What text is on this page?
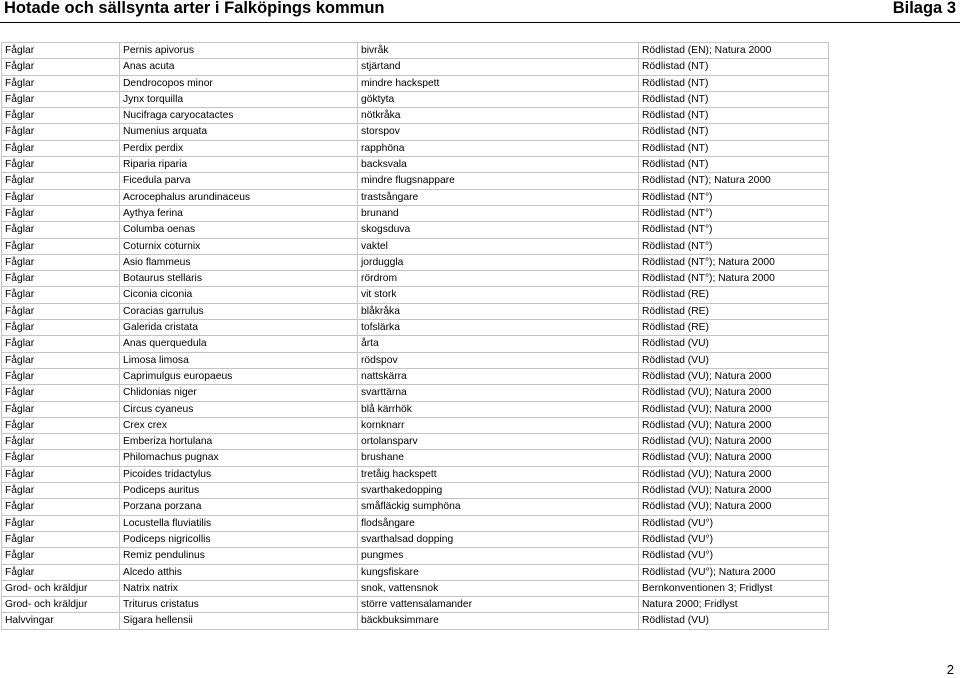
Hotade och sällsynta arter i Falköpings kommun	Bilaga 3
Fåglar	Pernis apivorus	bivråk	Rödlistad (EN); Natura 2000
Fåglar	Anas acuta	stjärtand	Rödlistad (NT)
Fåglar	Dendrocopos minor	mindre hackspett	Rödlistad (NT)
Fåglar	Jynx torquilla	göktyta	Rödlistad (NT)
Fåglar	Nucifraga caryocatactes	nötkråka	Rödlistad (NT)
Fåglar	Numenius arquata	storspov	Rödlistad (NT)
Fåglar	Perdix perdix	rapphöna	Rödlistad (NT)
Fåglar	Riparia riparia	backsvala	Rödlistad (NT)
Fåglar	Ficedula parva	mindre flugsnappare	Rödlistad (NT); Natura 2000
Fåglar	Acrocephalus arundinaceus	trastsångare	Rödlistad (NT°)
Fåglar	Aythya ferina	brunand	Rödlistad (NT°)
Fåglar	Columba oenas	skogsduva	Rödlistad (NT°)
Fåglar	Coturnix coturnix	vaktel	Rödlistad (NT°)
Fåglar	Asio flammeus	jorduggla	Rödlistad (NT°); Natura 2000
Fåglar	Botaurus stellaris	rördrom	Rödlistad (NT°); Natura 2000
Fåglar	Ciconia ciconia	vit stork	Rödlistad (RE)
Fåglar	Coracias garrulus	blåkråka	Rödlistad (RE)
Fåglar	Galerida cristata	tofslärka	Rödlistad (RE)
Fåglar	Anas querquedula	årta	Rödlistad (VU)
Fåglar	Limosa limosa	rödspov	Rödlistad (VU)
Fåglar	Caprimulgus europaeus	nattskärra	Rödlistad (VU); Natura 2000
Fåglar	Chlidonias niger	svarttärna	Rödlistad (VU); Natura 2000
Fåglar	Circus cyaneus	blå kärrhök	Rödlistad (VU); Natura 2000
Fåglar	Crex crex	kornknarr	Rödlistad (VU); Natura 2000
Fåglar	Emberiza hortulana	ortolansparv	Rödlistad (VU); Natura 2000
Fåglar	Philomachus pugnax	brushane	Rödlistad (VU); Natura 2000
Fåglar	Picoides tridactylus	tretåig hackspett	Rödlistad (VU); Natura 2000
Fåglar	Podiceps auritus	svarthakedopping	Rödlistad (VU); Natura 2000
Fåglar	Porzana porzana	småfläckig sumphöna	Rödlistad (VU); Natura 2000
Fåglar	Locustella fluviatilis	flodsångare	Rödlistad (VU°)
Fåglar	Podiceps nigricollis	svarthalsad dopping	Rödlistad (VU°)
Fåglar	Remiz pendulinus	pungmes	Rödlistad (VU°)
Fåglar	Alcedo atthis	kungsfiskare	Rödlistad (VU°); Natura 2000
Grod- och kräldjur	Natrix natrix	snok, vattensnok	Bernkonventionen 3; Fridlyst
Grod- och kräldjur	Triturus cristatus	större vattensalamander	Natura 2000; Fridlyst
Halvvingar	Sigara hellensii	bäckbuksimmare	Rödlistad (VU)
2
